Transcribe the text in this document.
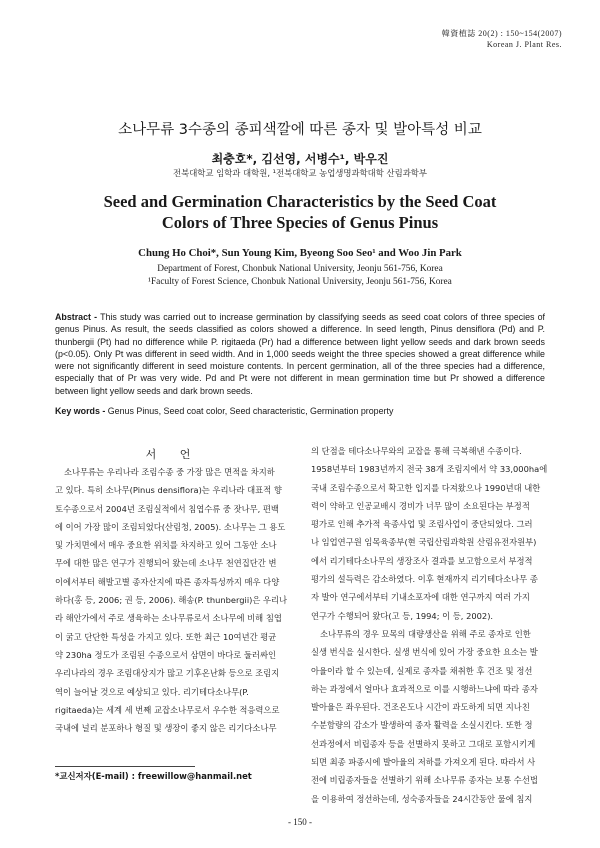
韓資植誌 20(2) : 150~154(2007)
Korean J. Plant Res.
소나무류 3수종의 종피색깔에 따른 종자 및 발아특성 비교
최충호*, 김선영, 서병수¹, 박우진
전북대학교 임학과 대학원, ¹전북대학교 농업생명과학대학 산림과학부
Seed and Germination Characteristics by the Seed Coat
Colors of Three Species of Genus Pinus
Chung Ho Choi*, Sun Young Kim, Byeong Soo Seo¹ and Woo Jin Park
Department of Forest, Chonbuk National University, Jeonju 561-756, Korea
¹Faculty of Forest Science, Chonbuk National University, Jeonju 561-756, Korea
Abstract - This study was carried out to increase germination by classifying seeds as seed coat colors of three species of genus Pinus. As result, the seeds classified as colors showed a difference. In seed length, Pinus densiflora (Pd) and P. thunbergii (Pt) had no difference while P. rigitaeda (Pr) had a difference between light yellow seeds and dark brown seeds (p<0.05). Only Pt was different in seed width. And in 1,000 seeds weight the three species showed a great difference while were not significantly different in seed moisture contents. In percent germination, all of the three species had a difference, especially that of Pr was very wide. Pd and Pt were not different in mean germination time but Pr showed a difference between light yellow seeds and dark brown seeds.
Key words - Genus Pinus, Seed coat color, Seed characteristic, Germination property
서 언
소나무류는 우리나라 조림수종 중 가장 많은 면적을 차지하
고 있다. 특히 소나무(Pinus densiflora)는 우리나라 대표적 향
토수종으로서 2004년 조림실적에서 침엽수류 중 잣나무, 편백
에 이어 가장 많이 조림되었다(산림청, 2005). 소나무는 그 용도
및 가치면에서 매우 중요한 위치를 차지하고 있어 그동안 소나
무에 대한 많은 연구가 진행되어 왔는데 소나무 천연집단간 변
이에서부터 해발고별 종자산지에 따른 종자특성까지 매우 다양
하다(홍 등, 2006; 권 등, 2006). 해송(P. thunbergii)은 우리나
라 해안가에서 주로 생육하는 소나무류로서 소나무에 비해 침엽
이 굵고 단단한 특성을 가지고 있다. 또한 최근 10여년간 평균
약 230ha 정도가 조림된 수종으로서 삼면이 바다로 둘러싸인
우리나라의 경우 조림대상지가 많고 기후온난화 등으로 조림지
역이 늘어날 것으로 예상되고 있다. 리기테다소나무(P.
rigitaeda)는 세계 세 번째 교잡소나무로서 우수한 적응력으로
국내에 널리 분포하나 형질 및 생장이 좋지 않은 리기다소나무
의 단점을 테다소나무와의 교잡을 통해 극복해낸 수종이다.
1958년부터 1983년까지 전국 38개 조림지에서 약 33,000ha에
국내 조림수종으로서 확고한 입지를 다져왔으나 1990년대 내한
력이 약하고 인공교배시 경비가 너무 많이 소요된다는 부정적
평가로 인해 추가적 육종사업 및 조림사업이 중단되었다. 그러
나 임업연구원 임목육종부(현 국립산림과학원 산림유전자원부)
에서 리기테다소나무의 생장조사 결과를 보고함으로서 부정적
평가의 설득력은 감소하였다. 이후 현재까지 리기테다소나무 종
자 발아 연구에서부터 기내소포자에 대한 연구까지 여러 가지
연구가 수행되어 왔다(고 등, 1994; 이 등, 2002).
소나무류의 경우 묘목의 대량생산을 위해 주로 종자로 인한
실생 번식을 실시한다. 실생 번식에 있어 가장 중요한 요소는 발
아율이라 할 수 있는데, 실제로 종자를 채취한 후 건조 및 정선
하는 과정에서 얼마나 효과적으로 이를 시행하느냐에 따라 종자
발아율은 좌우된다. 건조온도나 시간이 과도하게 되면 지나친
수분함량의 감소가 발생하여 종자 활력을 소실시킨다. 또한 정
선과정에서 비립종자 등을 선별하지 못하고 그대로 포함시키게
되면 최종 파종시에 발아율의 저하를 가져오게 된다. 따라서 사
전에 비립종자들을 선별하기 위해 소나무류 종자는 보통 수선법
을 이용하여 정선하는데, 성숙종자들을 24시간동안 물에 침지
*교신저자(E-mail) : freewillow@hanmail.net
- 150 -
